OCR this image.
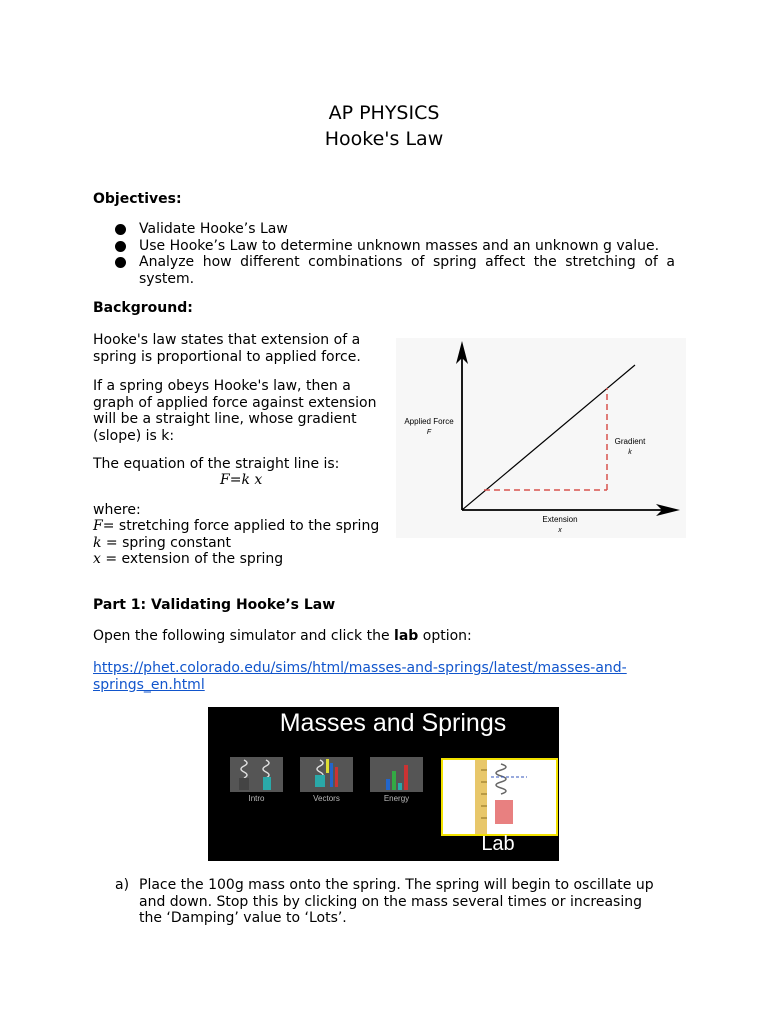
AP PHYSICS
Hooke's Law
Objectives:
Validate Hooke’s Law
Use Hooke’s Law to determine unknown masses and an unknown g value.
Analyze how different combinations of spring affect the stretching of a system.
Background:
Hooke's law states that extension of a
spring is proportional to applied force.
If a spring obeys Hooke's law, then a
graph of applied force against extension
will be a straight line, whose gradient
(slope) is k:
The equation of the straight line is:
F=k x
where:
F= stretching force applied to the spring
k = spring constant
x = extension of the spring
Applied Force
F
Extension
x
Gradient
k
Part 1: Validating Hooke’s Law
Open the following simulator and click the lab option:
https://phet.colorado.edu/sims/html/masses-and-springs/latest/masses-and-
springs_en.html
Masses and Springs
Intro	Vectors	Energy
Lab
a) Place the 100g mass onto the spring. The spring will begin to oscillate up
and down. Stop this by clicking on the mass several times or increasing
the ‘Damping’ value to ‘Lots’.
